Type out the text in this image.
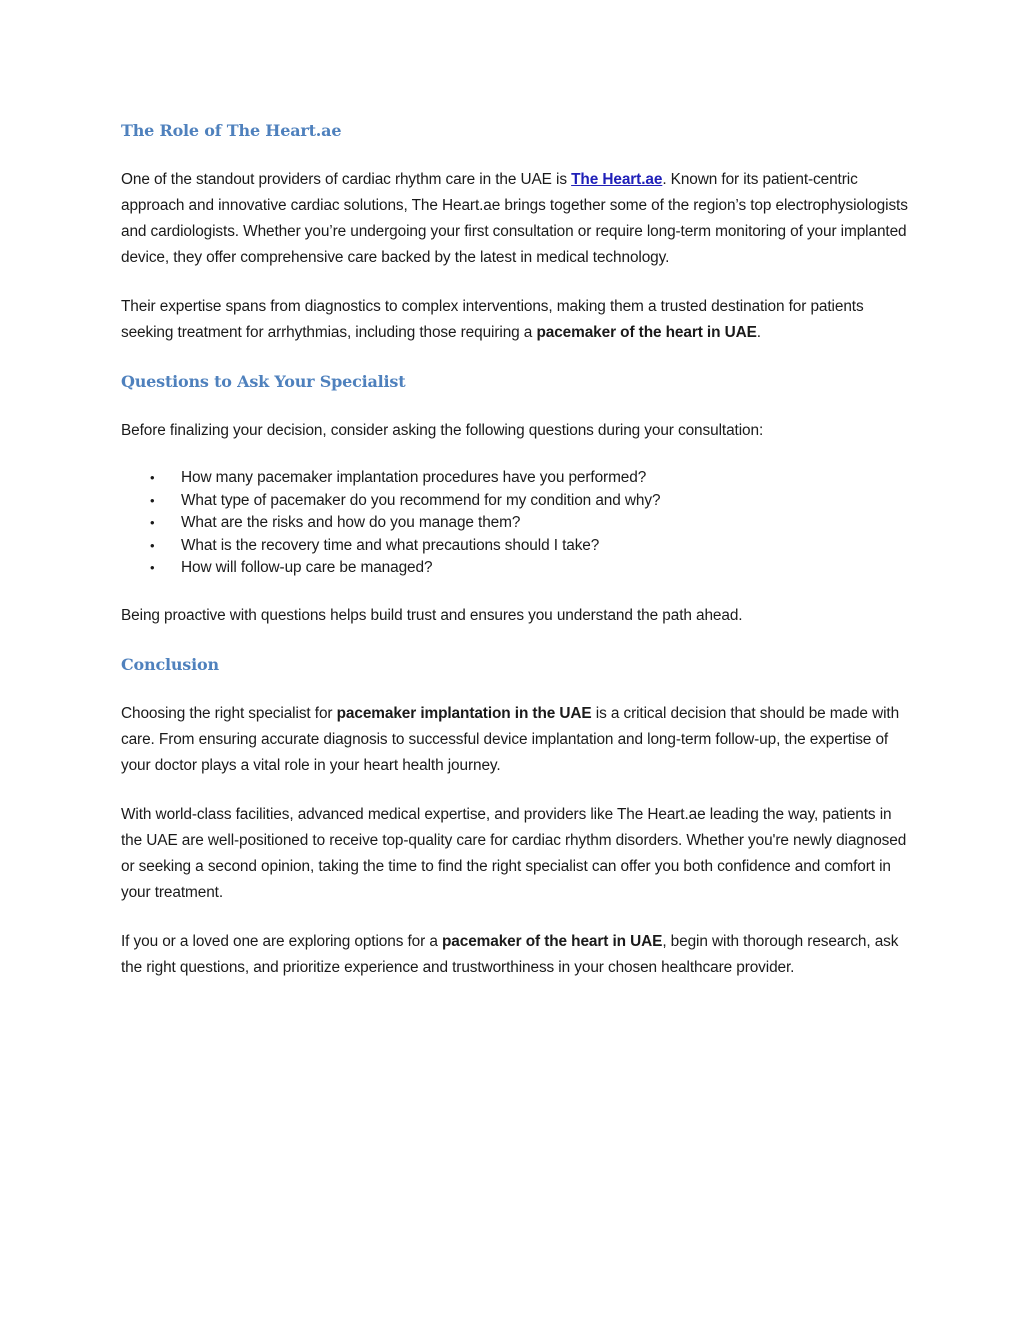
The Role of The Heart.ae

One of the standout providers of cardiac rhythm care in the UAE is The Heart.ae. Known for its patient-centric approach and innovative cardiac solutions, The Heart.ae brings together some of the region’s top electrophysiologists and cardiologists. Whether you’re undergoing your first consultation or require long-term monitoring of your implanted device, they offer comprehensive care backed by the latest in medical technology.

Their expertise spans from diagnostics to complex interventions, making them a trusted destination for patients seeking treatment for arrhythmias, including those requiring a pacemaker of the heart in UAE.

Questions to Ask Your Specialist

Before finalizing your decision, consider asking the following questions during your consultation:

• How many pacemaker implantation procedures have you performed?
• What type of pacemaker do you recommend for my condition and why?
• What are the risks and how do you manage them?
• What is the recovery time and what precautions should I take?
• How will follow-up care be managed?

Being proactive with questions helps build trust and ensures you understand the path ahead.

Conclusion

Choosing the right specialist for pacemaker implantation in the UAE is a critical decision that should be made with care. From ensuring accurate diagnosis to successful device implantation and long-term follow-up, the expertise of your doctor plays a vital role in your heart health journey.

With world-class facilities, advanced medical expertise, and providers like The Heart.ae leading the way, patients in the UAE are well-positioned to receive top-quality care for cardiac rhythm disorders. Whether you're newly diagnosed or seeking a second opinion, taking the time to find the right specialist can offer you both confidence and comfort in your treatment.

If you or a loved one are exploring options for a pacemaker of the heart in UAE, begin with thorough research, ask the right questions, and prioritize experience and trustworthiness in your chosen healthcare provider.
